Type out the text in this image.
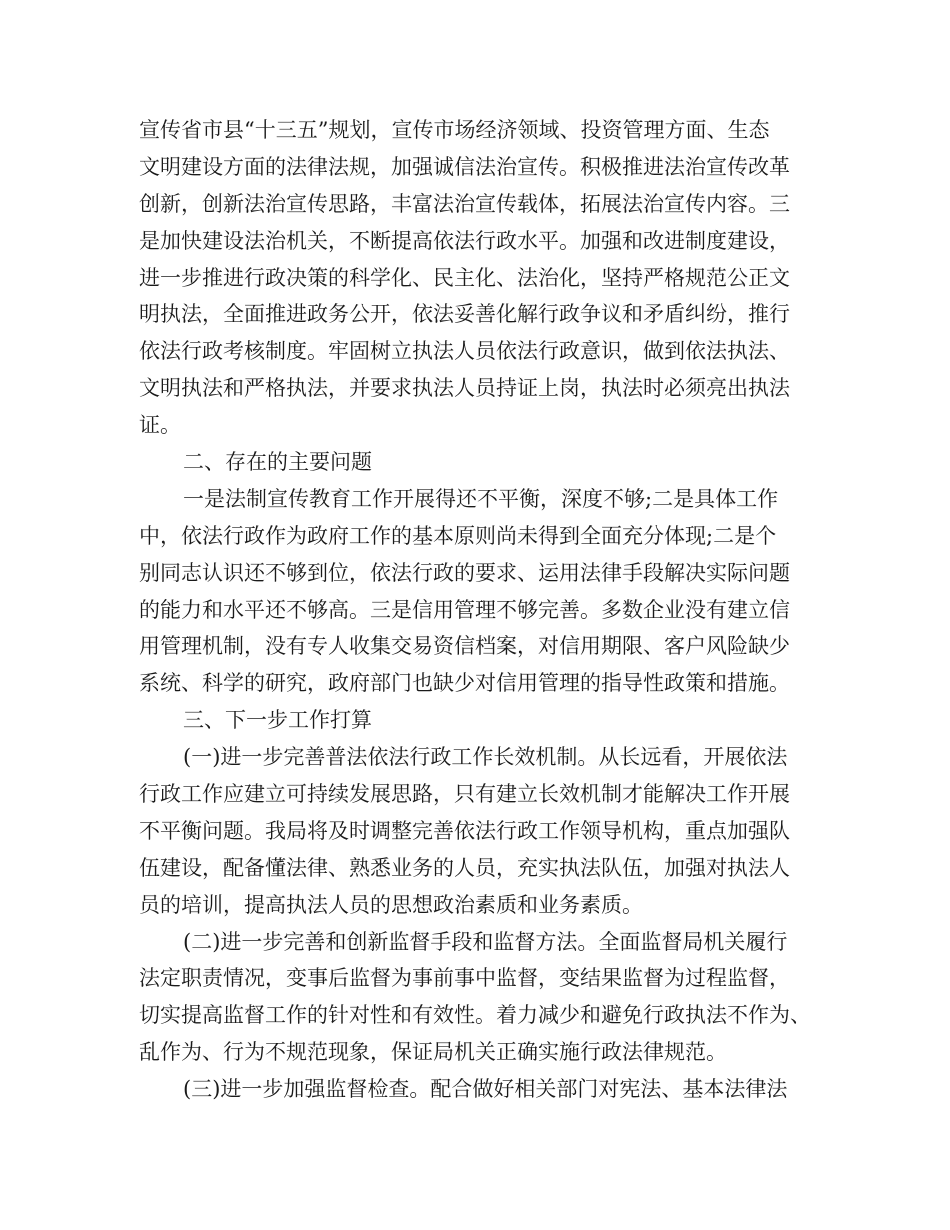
宣传省市县“十三五”规划，宣传市场经济领域、投资管理方面、生态
文明建设方面的法律法规，加强诚信法治宣传。积极推进法治宣传改革
创新，创新法治宣传思路，丰富法治宣传载体，拓展法治宣传内容。三
是加快建设法治机关，不断提高依法行政水平。加强和改进制度建设，
进一步推进行政决策的科学化、民主化、法治化，坚持严格规范公正文
明执法，全面推进政务公开，依法妥善化解行政争议和矛盾纠纷，推行
依法行政考核制度。牢固树立执法人员依法行政意识，做到依法执法、
文明执法和严格执法，并要求执法人员持证上岗，执法时必须亮出执法
证。
二、存在的主要问题
一是法制宣传教育工作开展得还不平衡，深度不够;二是具体工作
中，依法行政作为政府工作的基本原则尚未得到全面充分体现;二是个
别同志认识还不够到位，依法行政的要求、运用法律手段解决实际问题
的能力和水平还不够高。三是信用管理不够完善。多数企业没有建立信
用管理机制，没有专人收集交易资信档案，对信用期限、客户风险缺少
系统、科学的研究，政府部门也缺少对信用管理的指导性政策和措施。
三、下一步工作打算
(一)进一步完善普法依法行政工作长效机制。从长远看，开展依法
行政工作应建立可持续发展思路，只有建立长效机制才能解决工作开展
不平衡问题。我局将及时调整完善依法行政工作领导机构，重点加强队
伍建设，配备懂法律、熟悉业务的人员，充实执法队伍，加强对执法人
员的培训，提高执法人员的思想政治素质和业务素质。
(二)进一步完善和创新监督手段和监督方法。全面监督局机关履行
法定职责情况，变事后监督为事前事中监督，变结果监督为过程监督，
切实提高监督工作的针对性和有效性。着力减少和避免行政执法不作为、
乱作为、行为不规范现象，保证局机关正确实施行政法律规范。
(三)进一步加强监督检查。配合做好相关部门对宪法、基本法律法
